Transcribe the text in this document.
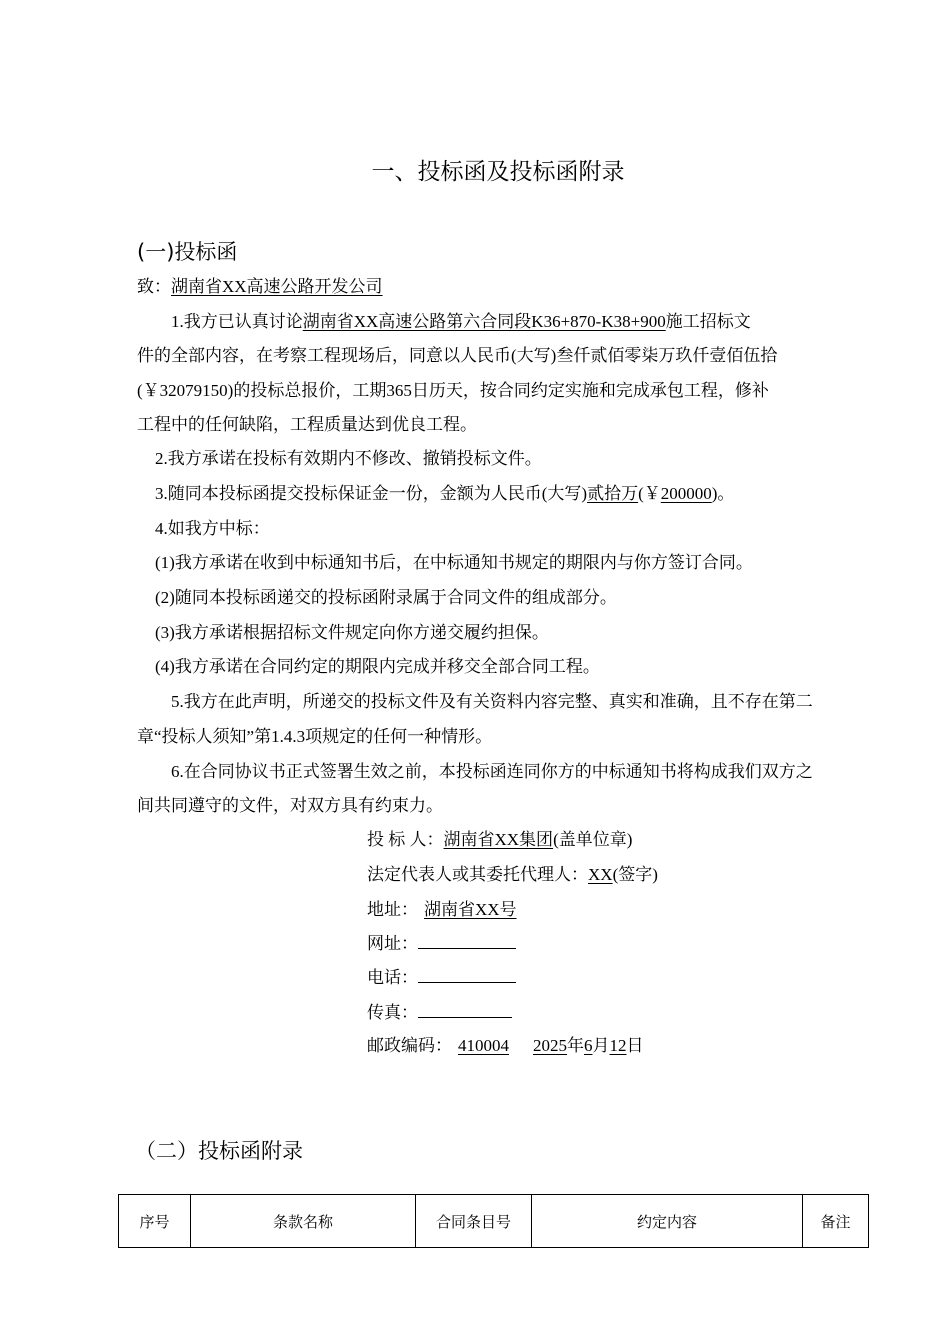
一、投标函及投标函附录
(一)投标函
致：湖南省XX高速公路开发公司
1.我方已认真讨论湖南省XX高速公路第六合同段K36+870-K38+900施工招标文
件的全部内容，在考察工程现场后，同意以人民币(大写)叁仟贰佰零柒万玖仟壹佰伍拾
(￥32079150)的投标总报价，工期365日历天，按合同约定实施和完成承包工程，修补
工程中的任何缺陷，工程质量达到优良工程。
2.我方承诺在投标有效期内不修改、撤销投标文件。
3.随同本投标函提交投标保证金一份，金额为人民币(大写)贰拾万(￥200000)。
4.如我方中标：
(1)我方承诺在收到中标通知书后，在中标通知书规定的期限内与你方签订合同。
(2)随同本投标函递交的投标函附录属于合同文件的组成部分。
(3)我方承诺根据招标文件规定向你方递交履约担保。
(4)我方承诺在合同约定的期限内完成并移交全部合同工程。
5.我方在此声明，所递交的投标文件及有关资料内容完整、真实和准确，且不存在第二
章“投标人须知”第1.4.3项规定的任何一种情形。
6.在合同协议书正式签署生效之前，本投标函连同你方的中标通知书将构成我们双方之
间共同遵守的文件，对双方具有约束力。
投 标 人：湖南省XX集团(盖单位章)
法定代表人或其委托代理人：XX(签字)
地址： 湖南省XX号
网址：
电话：
传真：
邮政编码： 410004 2025年6月12日
（二）投标函附录
序号	条款名称	合同条目号	约定内容	备注
